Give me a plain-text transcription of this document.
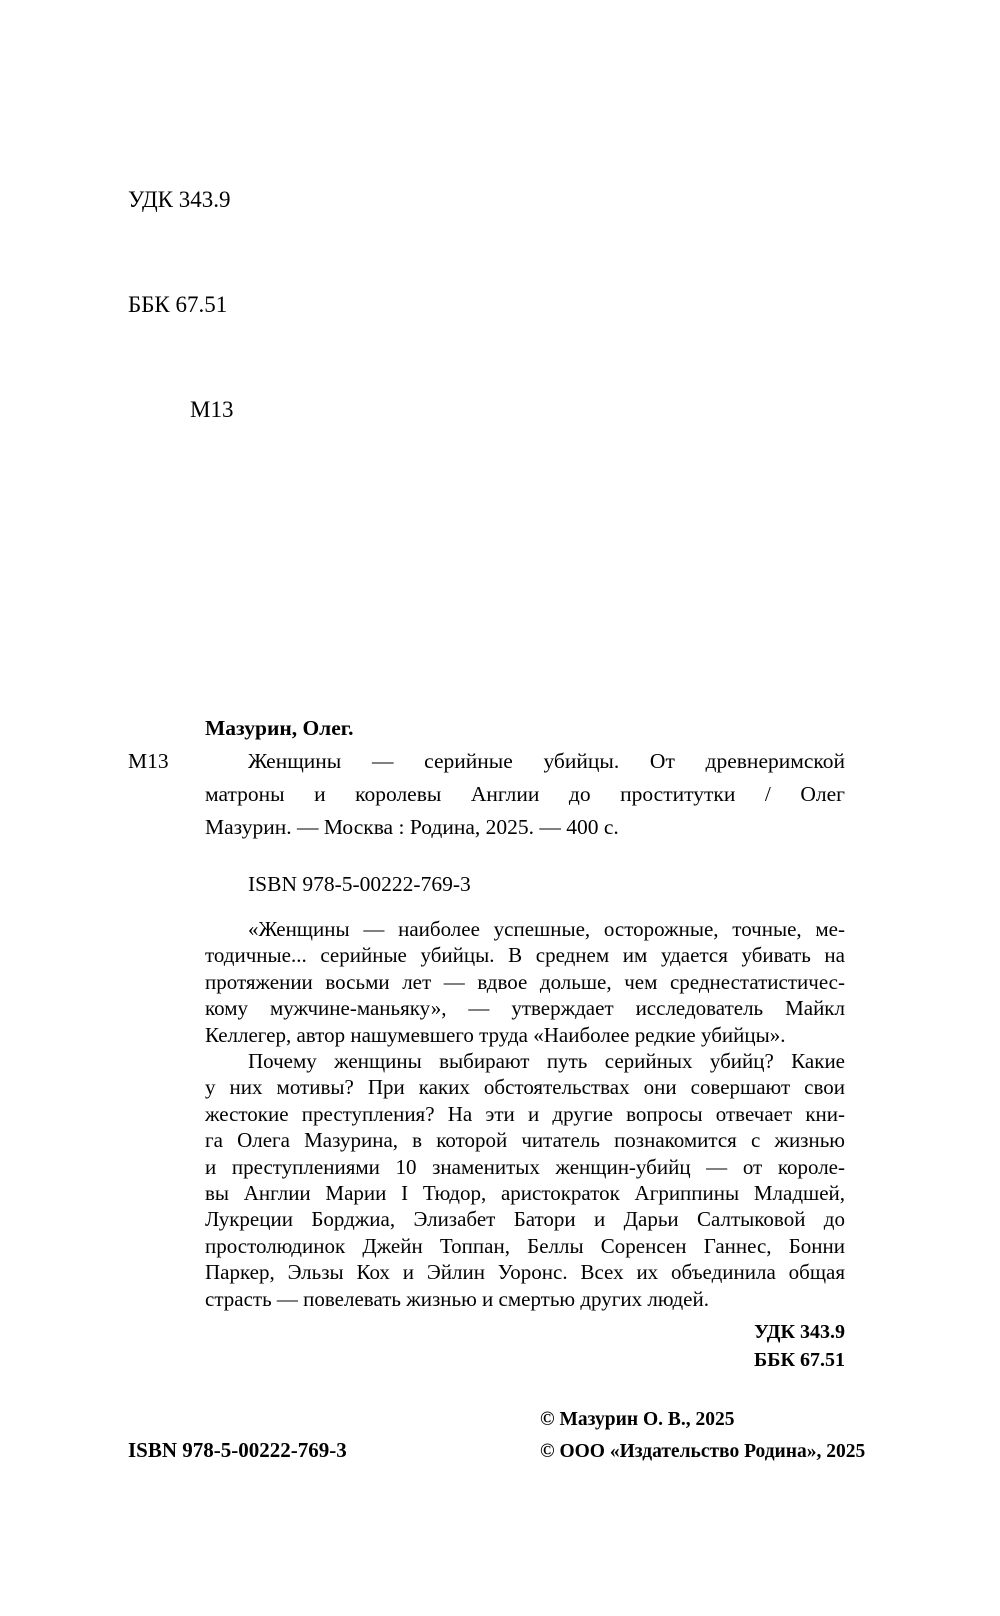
УДК 343.9

ББК 67.51

М13

Мазурин, Олег.
М13	Женщины — серийные убийцы. От древнеримской
матроны и королевы Англии до проститутки / Олег
Мазурин. — Москва : Родина, 2025. — 400 с.
ISBN 978-5-00222-769-3
«Женщины — наиболее успешные, осторожные, точные, ме-
тодичные... серийные убийцы. В среднем им удается убивать на
протяжении восьми лет — вдвое дольше, чем среднестатистичес-
кому мужчине-маньяку», — утверждает исследователь Майкл
Келлегер, автор нашумевшего труда «Наиболее редкие убийцы».
Почему женщины выбирают путь серийных убийц? Какие
у них мотивы? При каких обстоятельствах они совершают свои
жестокие преступления? На эти и другие вопросы отвечает кни-
га Олега Мазурина, в которой читатель познакомится с жизнью
и преступлениями 10 знаменитых женщин-убийц — от короле-
вы Англии Марии I Тюдор, аристократок Агриппины Младшей,
Лукреции Борджиа, Элизабет Батори и Дарьи Салтыковой до
простолюдинок Джейн Топпан, Беллы Соренсен Ганнес, Бонни
Паркер, Эльзы Кох и Эйлин Уоронс. Всех их объединила общая
страсть — повелевать жизнью и смертью других людей.
УДК 343.9
ББК 67.51
ISBN 978-5-00222-769-3
© Мазурин О. В., 2025
© ООО «Издательство Родина», 2025
